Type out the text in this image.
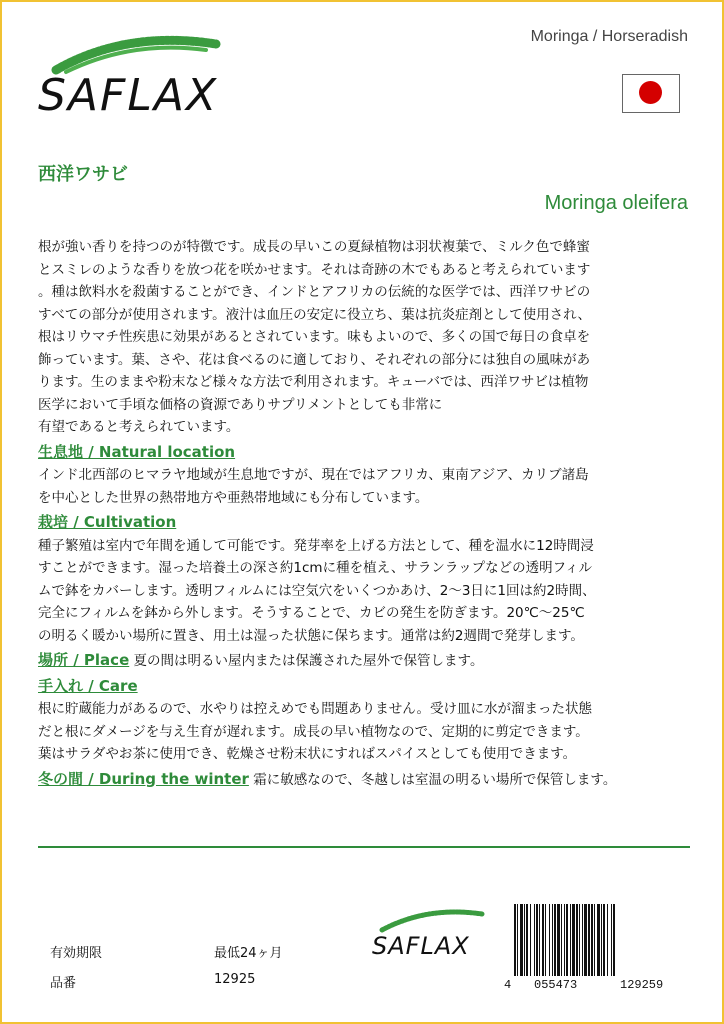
SAFLAX
Moringa / Horseradish
西洋ワサビ
Moringa oleifera

根が強い香りを持つのが特徴です。成長の早いこの夏緑植物は羽状複葉で、ミルク色で蜂蜜

とスミレのような香りを放つ花を咲かせます。それは奇跡の木でもあると考えられています

。種は飲料水を殺菌することができ、インドとアフリカの伝統的な医学では、西洋ワサビの

すべての部分が使用されます。液汁は血圧の安定に役立ち、葉は抗炎症剤として使用され、

根はリウマチ性疾患に効果があるとされています。味もよいので、多くの国で毎日の食卓を

飾っています。葉、さや、花は食べるのに適しており、それぞれの部分には独自の風味があ

ります。生のままや粉末など様々な方法で利用されます。キューバでは、西洋ワサビは植物

医学において手頃な価格の資源でありサプリメントとしても非常に

有望であると考えられています。

生息地 / Natural location

インド北西部のヒマラヤ地域が生息地ですが、現在ではアフリカ、東南アジア、カリブ諸島

を中心とした世界の熱帯地方や亜熱帯地域にも分布しています。

栽培 / Cultivation

種子繁殖は室内で年間を通して可能です。発芽率を上げる方法として、種を温水に12時間浸

すことができます。湿った培養土の深さ約1cmに種を植え、サランラップなどの透明フィル

ムで鉢をカバーします。透明フィルムには空気穴をいくつかあけ、2～3日に1回は約2時間、

完全にフィルムを鉢から外します。そうすることで、カビの発生を防ぎます。20℃〜25℃

の明るく暖かい場所に置き、用土は湿った状態に保ちます。通常は約2週間で発芽します。

場所 / Place 夏の間は明るい屋内または保護された屋外で保管します。

手入れ / Care

根に貯蔵能力があるので、水やりは控えめでも問題ありません。受け皿に水が溜まった状態

だと根にダメージを与え生育が遅れます。成長の早い植物なので、定期的に剪定できます。

葉はサラダやお茶に使用でき、乾燥させ粉末状にすればスパイスとしても使用できます。

冬の間 / During the winter 霜に敏感なので、冬越しは室温の明るい場所で保管します。

有効期限	最低24ヶ月
品番	12925
SAFLAX
4 055473	129259
